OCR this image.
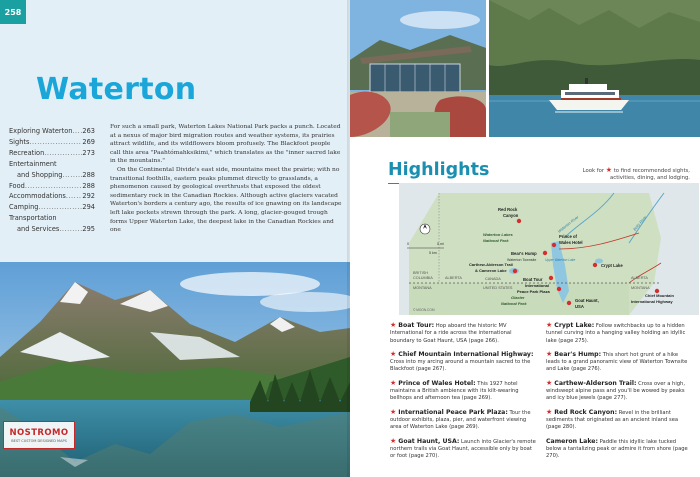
258
Waterton
Exploring Waterton ..... 263
Sights .....	269
Recreation .....	273
Entertainment
and Shopping .....	288
Food .....	288
Accommodations .....	292
Camping .....	294
Transportation
and Services .....	295

For such a small park, Waterton Lakes National Park packs a punch. Located at a nexus of major bird migration routes and weather systems, its prairies attract wildlife, and its wildflowers bloom profusely. The Blackfoot people call this area "Paahtómahksikimi," which translates as the "inner sacred lake in the mountains."

On the Continental Divide's east side, mountains meet the prairie; with no transitional foothills, eastern peaks plummet directly to grasslands, a phenomenon caused by geological overthrusts that exposed the oldest sedimentary rock in the Canadian Rockies. Although active glaciers vacated Waterton's borders a century ago, the results of ice gnawing on its landscape left lake pockets strewn through the park. A long, glacier-gouged trough forms Upper Waterton Lake, the deepest lake in the Canadian Rockies and one

NOSTROMO
BEST CUSTOM DESIGNED MAPS
Highlights	Look for ★ to find recommended sights, activities, dining, and lodging.
0	5 mi
5 km
BRITISH
COLUMBIA	ALBERTA	CANADA
MONTANA	UNITED STATES
ALBERTA
MONTANA
Waterton River	Belly River
Waterton Lakes
National Park
Glacier
National Park
Upper Waterton Lake
Red Rock
Canyon
Prince of
Wales Hotel
Bear's Hump
Waterton Townsite
Carthew-Alderson Trail
& Cameron Lake
Boat Tour
Crypt Lake
International
Peace Park Plaza
Goat Haunt,
USA
Chief Mountain
International Highway
© MOON.COM
★ Boat Tour: Hop aboard the historic MV International for a ride across the international boundary to Goat Haunt, USA (page 266).
★ Chief Mountain International Highway: Cross into my arcing around a mountain sacred to the Blackfoot (page 267).
★ Prince of Wales Hotel: This 1927 hotel maintains a British ambience with its kilt-wearing bellhops and afternoon tea (page 269).
★ International Peace Park Plaza: Tour the outdoor exhibits, plaza, pier, and waterfront viewing area of Waterton Lake (page 269).
★ Goat Haunt, USA: Launch into Glacier's remote northern trails via Goat Haunt, accessible only by boat or foot (page 270).
★ Crypt Lake: Follow switchbacks up to a hidden tunnel curving into a hanging valley holding an idyllic lake (page 275).
★ Bear's Hump: This short hot grunt of a hike leads to a grand panoramic view of Waterton Townsite and Lake (page 276).
★ Carthew-Alderson Trail: Cross over a high, windswept alpine pass and you'll be wowed by peaks and icy blue jewels (page 277).
★ Red Rock Canyon: Revel in the brilliant sediments that originated as an ancient inland sea (page 280).
Cameron Lake: Paddle this idyllic lake tucked below a tantalizing peak or admire it from shore (page 270).
